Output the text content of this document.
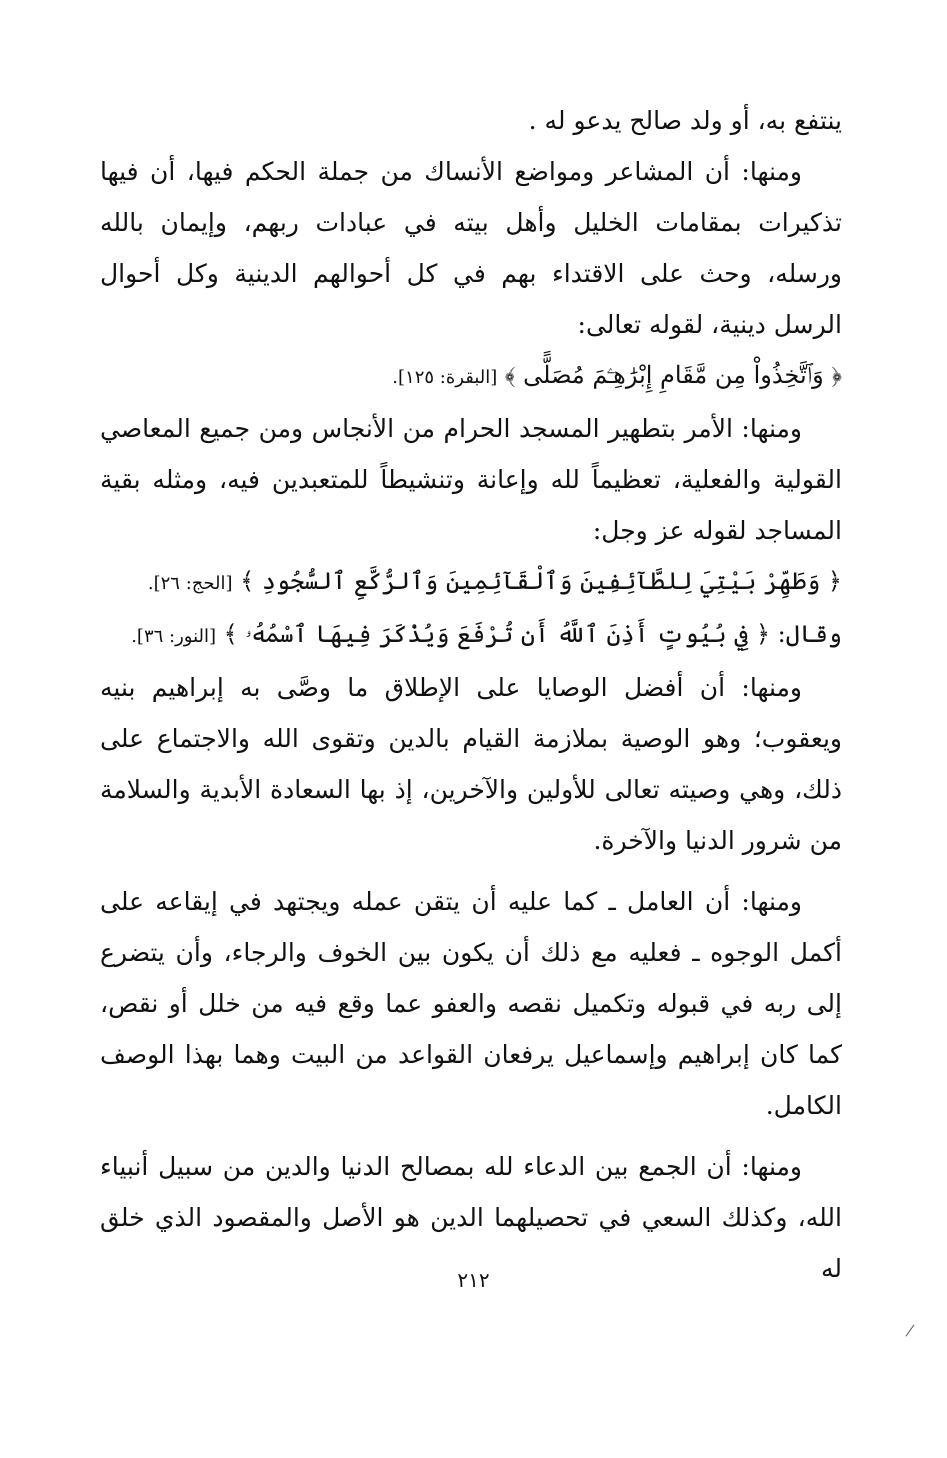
ينتفع به، أو ولد صالح يدعو له .

ومنها: أن المشاعر ومواضع الأنساك من جملة الحكم فيها، أن فيها تذكيرات بمقامات الخليل وأهل بيته في عبادات ربهم، وإيمان بالله ورسله، وحث على الاقتداء بهم في كل أحوالهم الدينية وكل أحوال الرسل دينية، لقوله تعالى:

﴿ وَٱتَّخِذُواْ مِن مَّقَامِ إِبْرَٰهِـۧمَ مُصَلًّى ﴾ [البقرة: ١٢٥].

ومنها: الأمر بتطهير المسجد الحرام من الأنجاس ومن جميع المعاصي القولية والفعلية، تعظيماً لله وإعانة وتنشيطاً للمتعبدين فيه، ومثله بقية المساجد لقوله عز وجل:

﴿ وَطَهِّرْ بَيْتِيَ لِلطَّآئِفِينَ وَٱلْقَآئِمِينَ وَٱلرُّكَّعِ ٱلسُّجُودِ ﴾ [الحج: ٢٦].
وقال: ﴿ فِي بُيُوتٍ أَذِنَ ٱللَّهُ أَن تُرْفَعَ وَيُذْكَرَ فِيهَا ٱسْمُهُۥ ﴾ [النور: ٣٦].

ومنها: أن أفضل الوصايا على الإطلاق ما وصَّى به إبراهيم بنيه ويعقوب؛ وهو الوصية بملازمة القيام بالدين وتقوى الله والاجتماع على ذلك، وهي وصيته تعالى للأولين والآخرين، إذ بها السعادة الأبدية والسلامة من شرور الدنيا والآخرة.

ومنها: أن العامل ـ كما عليه أن يتقن عمله ويجتهد في إيقاعه على أكمل الوجوه ـ فعليه مع ذلك أن يكون بين الخوف والرجاء، وأن يتضرع إلى ربه في قبوله وتكميل نقصه والعفو عما وقع فيه من خلل أو نقص، كما كان إبراهيم وإسماعيل يرفعان القواعد من البيت وهما بهذا الوصف الكامل.

ومنها: أن الجمع بين الدعاء لله بمصالح الدنيا والدين من سبيل أنبياء الله، وكذلك السعي في تحصيلهما الدين هو الأصل والمقصود الذي خلق له

٢١٢
